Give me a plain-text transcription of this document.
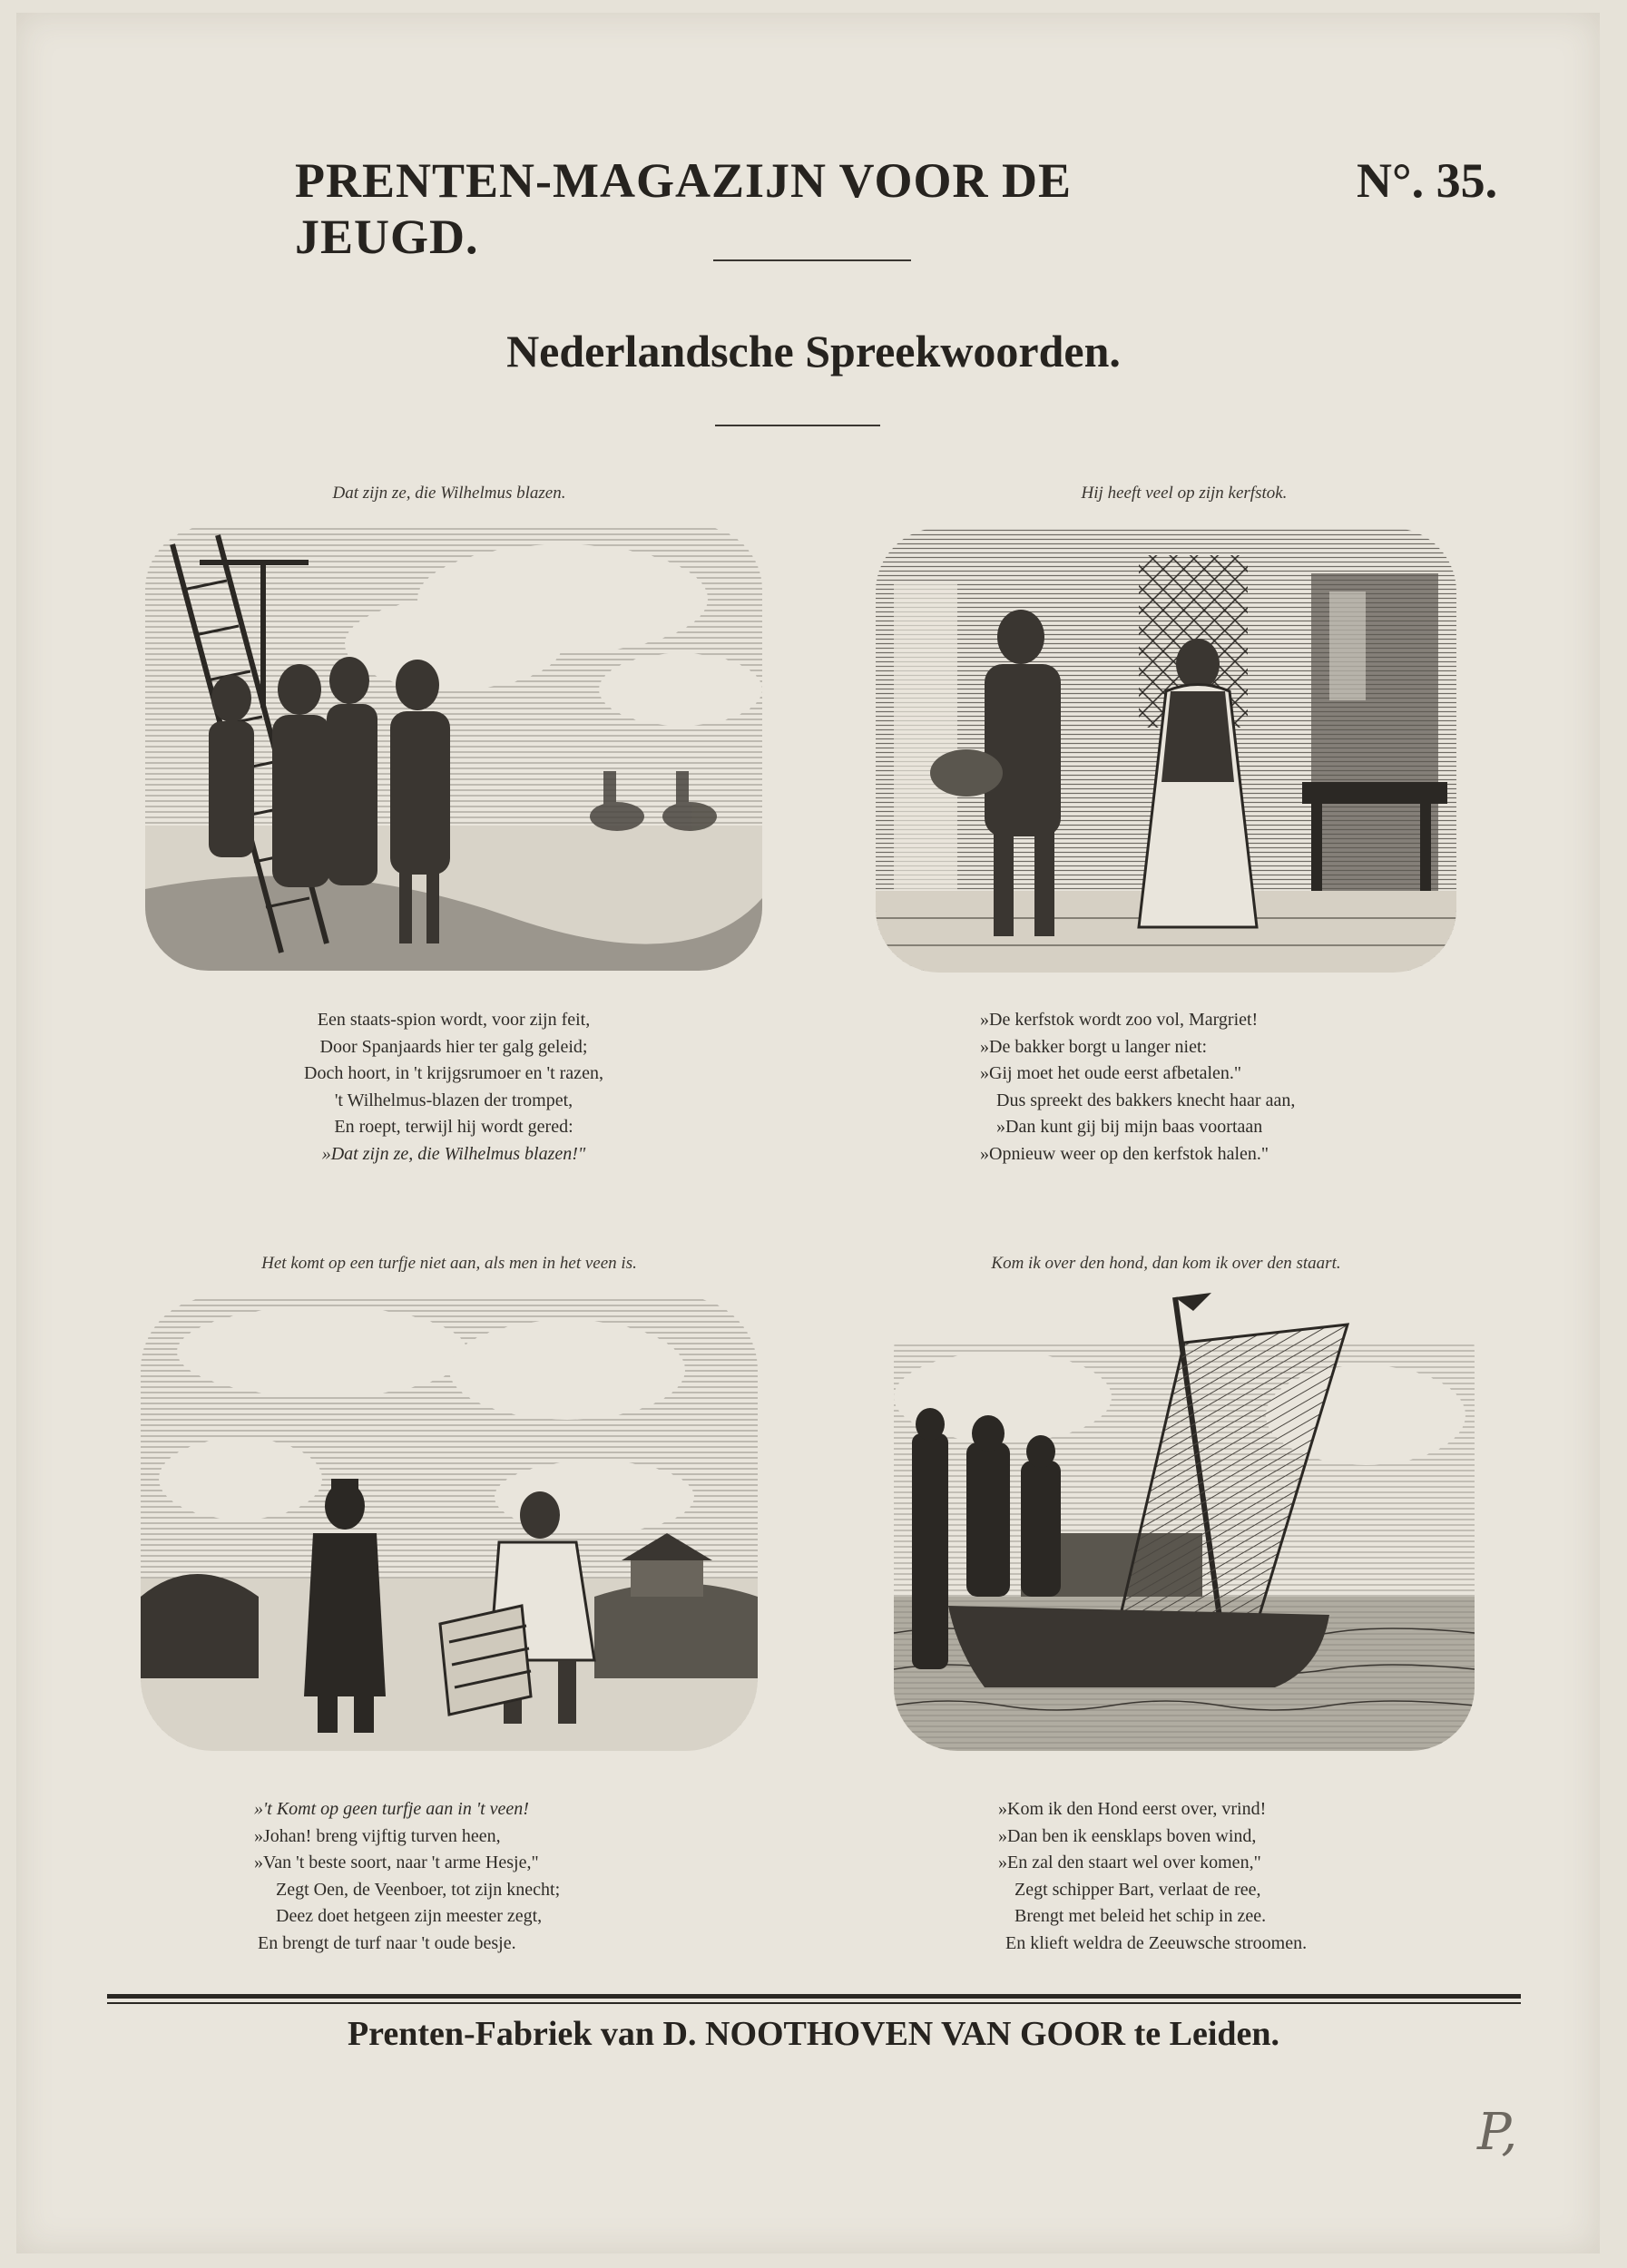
PRENTEN-MAGAZIJN VOOR DE JEUGD.
N°. 35.
Nederlandsche Spreekwoorden.
Dat zijn ze, die Wilhelmus blazen.
Een staats-spion wordt, voor zijn feit,
Door Spanjaards hier ter galg geleid;
Doch hoort, in 't krijgsrumoer en 't razen,
't Wilhelmus-blazen der trompet,
En roept, terwijl hij wordt gered:
»Dat zijn ze, die Wilhelmus blazen!"
Hij heeft veel op zijn kerfstok.
»De kerfstok wordt zoo vol, Margriet!
»De bakker borgt u langer niet:
»Gij moet het oude eerst afbetalen."
Dus spreekt des bakkers knecht haar aan,
»Dan kunt gij bij mijn baas voortaan
»Opnieuw weer op den kerfstok halen."
Het komt op een turfje niet aan, als men in het veen is.
»'t Komt op geen turfje aan in 't veen!
»Johan! breng vijftig turven heen,
»Van 't beste soort, naar 't arme Hesje,"
Zegt Oen, de Veenboer, tot zijn knecht;
Deez doet hetgeen zijn meester zegt,
En brengt de turf naar 't oude besje.
Kom ik over den hond, dan kom ik over den staart.
»Kom ik den Hond eerst over, vrind!
»Dan ben ik eensklaps boven wind,
»En zal den staart wel over komen,"
Zegt schipper Bart, verlaat de ree,
Brengt met beleid het schip in zee.
En klieft weldra de Zeeuwsche stroomen.
Prenten-Fabriek van D. NOOTHOVEN VAN GOOR te Leiden.
P,
